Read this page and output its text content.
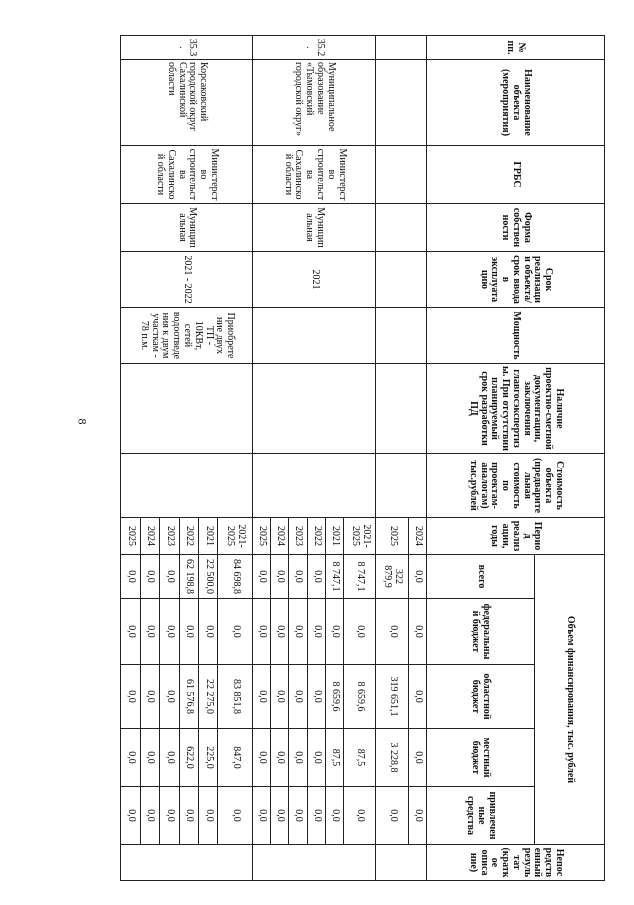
8
№ пп.	Наименование объекта (мероприятия)	ГРБС	Форма собственности	Срок реализации объекта/срок ввода в эксплуатацию	Мощность	Наличие проектно-сметной документации, заключения главгосэкспертизы. При отсутствии планируемый срок разработки ПД	Стоимость объекта (предварительная стоимость по проектам-аналогам) тыс.рублей	Период реализации, годы	Объем финансирования, тыс. рублей					Непосредственный результат (краткое описание)
									всего	федеральный бюджет	областной бюджет	местный бюджет	привлеченные средства	
								2024	0,0	0,0	0,0	0,0	0,0	
								2025	322 879,9	0,0	319 651,1	3 228,8	0,0	
35.2.	Муниципальное образование «Тымовский городской округ»	Министерство строительства Сахалинской области	Муниципальная	2021				2021-2025	8 747,1	0,0	8 659,6	87,5	0,0	
								2021	8 747,1	0,0	8 659,6	87,5	0,0	
								2022	0,0	0,0	0,0	0,0	0,0	
								2023	0,0	0,0	0,0	0,0	0,0	
								2024	0,0	0,0	0,0	0,0	0,0	
								2025	0,0	0,0	0,0	0,0	0,0	
35.3.	Корсаковский городской округ Сахалинской области	Министерство строительства Сахалинской области	Муниципальная	2021 - 2022	Приобретение двух ТП - 10КВт, сетей водоотведения к двум участкам - 78 п.м.			2021-2025	84 698,8	0,0	83 851,8	847,0	0,0	
								2021	22 500,0	0,0	22 275,0	225,0	0,0	
								2022	62 198,8	0,0	61 576,8	622,0	0,0	
								2023	0,0	0,0	0,0	0,0	0,0	
								2024	0,0	0,0	0,0	0,0	0,0	
								2025	0,0	0,0	0,0	0,0	0,0	
